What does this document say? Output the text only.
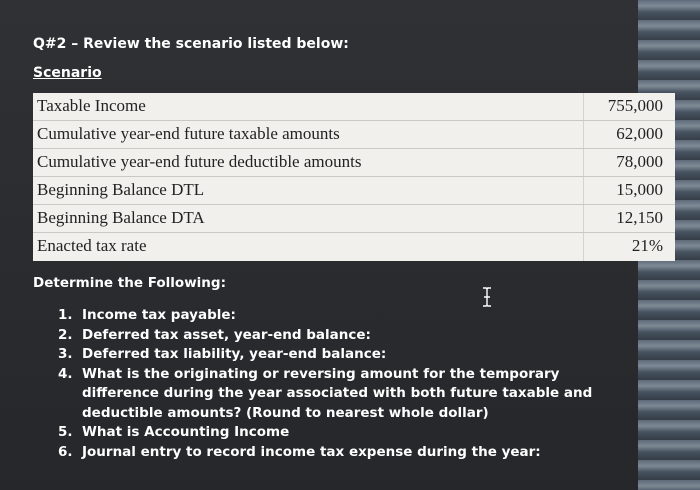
Q#2 – Review the scenario listed below:
Scenario
Taxable Income	755,000
Cumulative year-end future taxable amounts	62,000
Cumulative year-end future deductible amounts	78,000
Beginning Balance DTL	15,000
Beginning Balance DTA	12,150
Enacted tax rate	21%
Determine the Following:
1. Income tax payable:
2. Deferred tax asset, year-end balance:
3. Deferred tax liability, year-end balance:
4. What is the originating or reversing amount for the temporary difference during the year associated with both future taxable and deductible amounts? (Round to nearest whole dollar)
5. What is Accounting Income
6. Journal entry to record income tax expense during the year:
